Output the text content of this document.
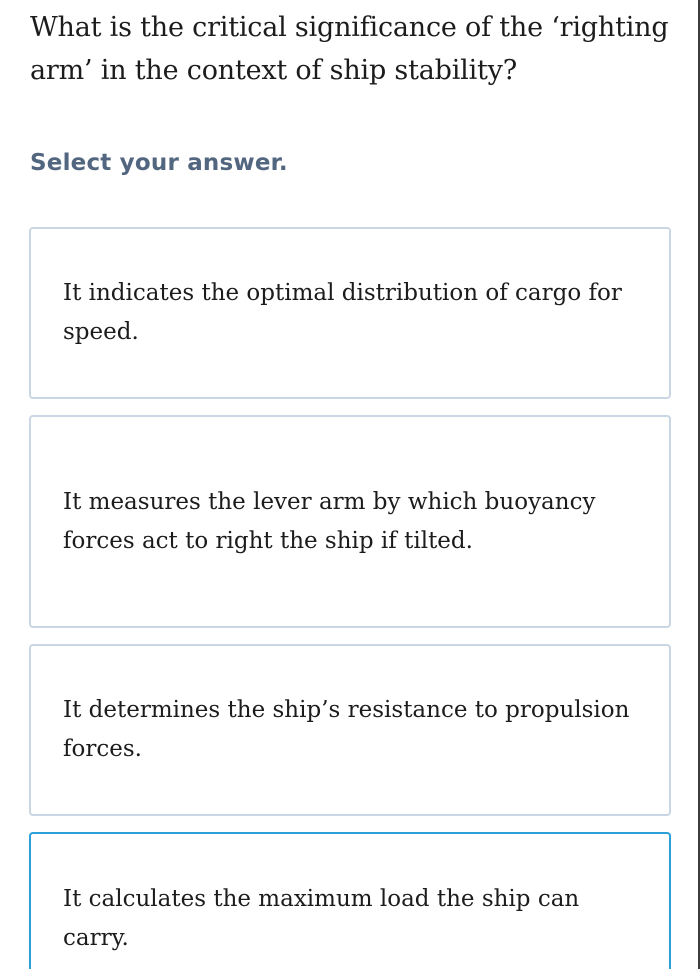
What is the critical significance of the ‘righting arm’ in the context of ship stability?

Select your answer.

It indicates the optimal distribution of cargo for speed.
It measures the lever arm by which buoyancy forces act to right the ship if tilted.
It determines the ship’s resistance to propulsion forces.
It calculates the maximum load the ship can carry.
